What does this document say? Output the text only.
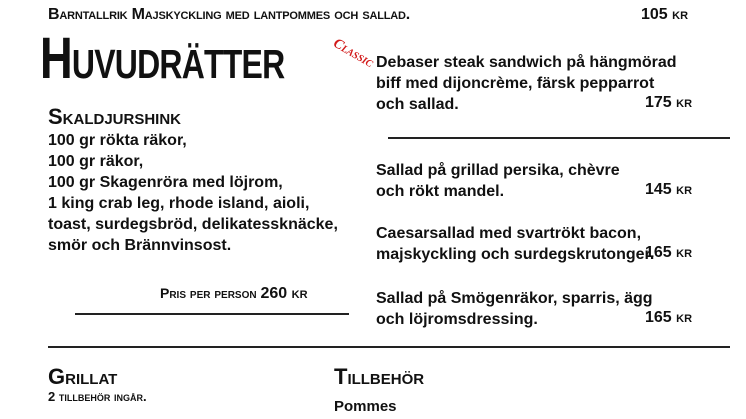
Barntallrik Majskyckling med lantpommes och sallad.	105 kr
Huvudrätter	Classic
Skaldjurshink
100 gr rökta räkor,
100 gr räkor,
100 gr Skagenröra med löjrom,
1 king crab leg, rhode island, aioli,
toast, surdegsbröd, delikatessknäcke,
smör och Brännvinsost.
Pris per person 260 kr
Debaser steak sandwich på hängmörad
biff med dijoncrème, färsk pepparrot
och sallad.	175 kr
Sallad på grillad persika, chèvre
och rökt mandel.	145 kr
Caesarsallad med svartrökt bacon,
majskyckling och surdegskrutonger.
165 kr
Sallad på Smögenräkor, sparris, ägg
och löjromsdressing.	165 kr
Grillat
2 tillbehör ingår.
Tillbehör
Pommes
